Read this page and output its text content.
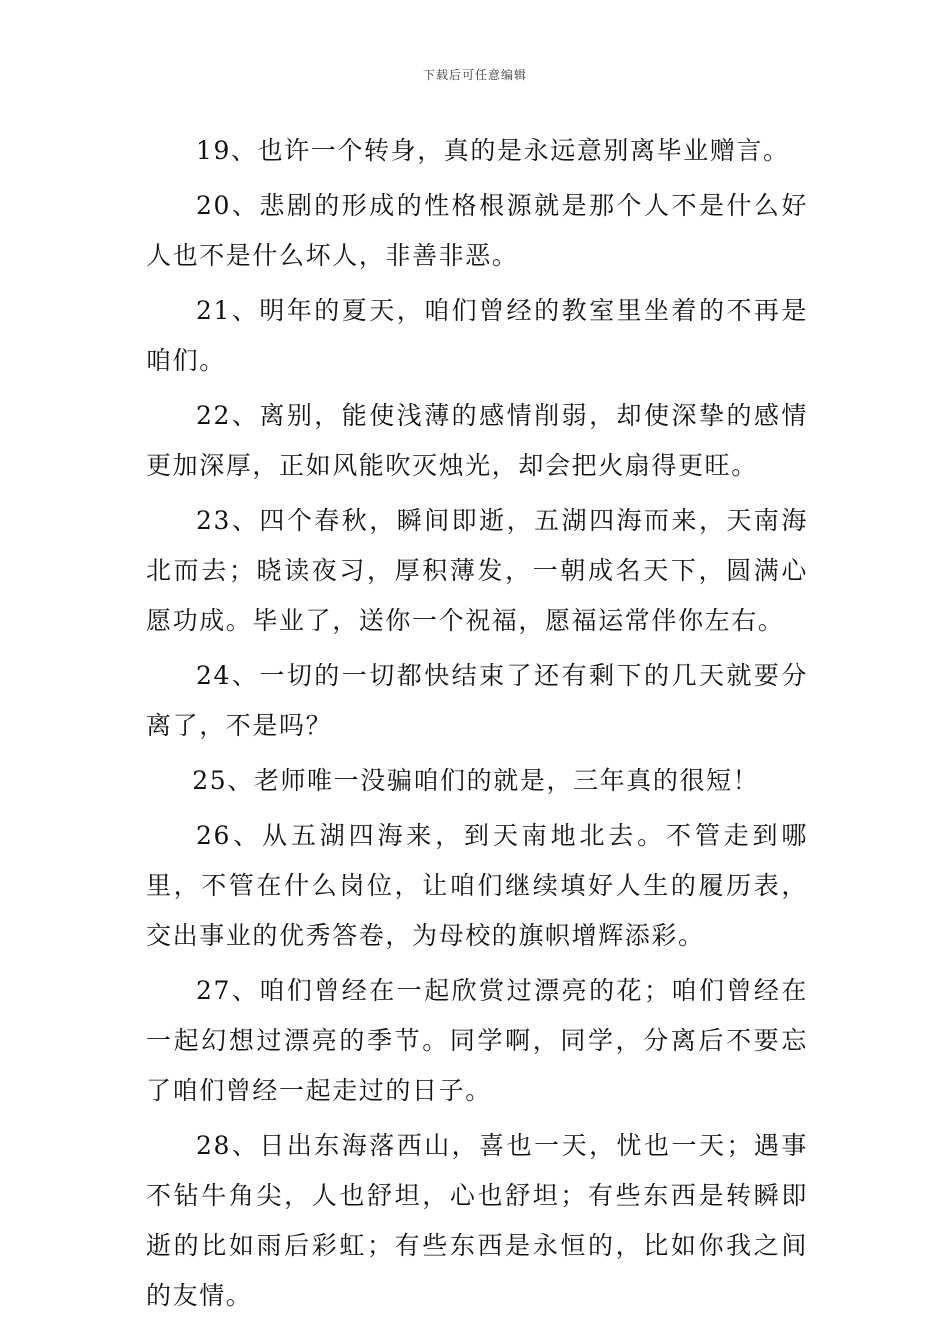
下载后可任意编辑

19、也许一个转身，真的是永远意别离毕业赠言。

20、悲剧的形成的性格根源就是那个人不是什么好人也不是什么坏人，非善非恶。

21、明年的夏天，咱们曾经的教室里坐着的不再是咱们。

22、离别，能使浅薄的感情削弱，却使深挚的感情更加深厚，正如风能吹灭烛光，却会把火扇得更旺。

23、四个春秋，瞬间即逝，五湖四海而来，天南海北而去；晓读夜习，厚积薄发，一朝成名天下，圆满心愿功成。毕业了，送你一个祝福，愿福运常伴你左右。

24、一切的一切都快结束了还有剩下的几天就要分离了，不是吗？

25、老师唯一没骗咱们的就是，三年真的很短！

26、从五湖四海来，到天南地北去。不管走到哪里，不管在什么岗位，让咱们继续填好人生的履历表，交出事业的优秀答卷，为母校的旗帜增辉添彩。

27、咱们曾经在一起欣赏过漂亮的花；咱们曾经在一起幻想过漂亮的季节。同学啊，同学，分离后不要忘了咱们曾经一起走过的日子。

28、日出东海落西山，喜也一天，忧也一天；遇事不钻牛角尖，人也舒坦，心也舒坦；有些东西是转瞬即逝的比如雨后彩虹；有些东西是永恒的，比如你我之间的友情。
